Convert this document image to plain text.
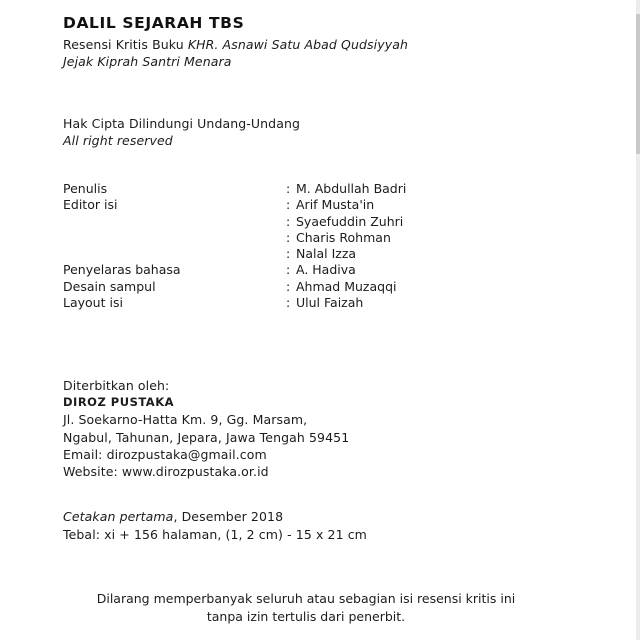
DALIL SEJARAH TBS
Resensi Kritis Buku KHR. Asnawi Satu Abad Qudsiyyah
Jejak Kiprah Santri Menara
Hak Cipta Dilindungi Undang-Undang
All right reserved
Penulis	: M. Abdullah Badri
Editor isi	: Arif Musta'in
: Syaefuddin Zuhri
: Charis Rohman
: Nalal Izza
Penyelaras bahasa	: A. Hadiva
Desain sampul	: Ahmad Muzaqqi
Layout isi	: Ulul Faizah
Diterbitkan oleh:
DIROZ PUSTAKA
Jl. Soekarno-Hatta Km. 9, Gg. Marsam,
Ngabul, Tahunan, Jepara, Jawa Tengah 59451
Email: dirozpustaka@gmail.com
Website: www.dirozpustaka.or.id
Cetakan pertama, Desember 2018
Tebal: xi + 156 halaman, (1, 2 cm) - 15 x 21 cm
Dilarang memperbanyak seluruh atau sebagian isi resensi kritis ini
tanpa izin tertulis dari penerbit.
